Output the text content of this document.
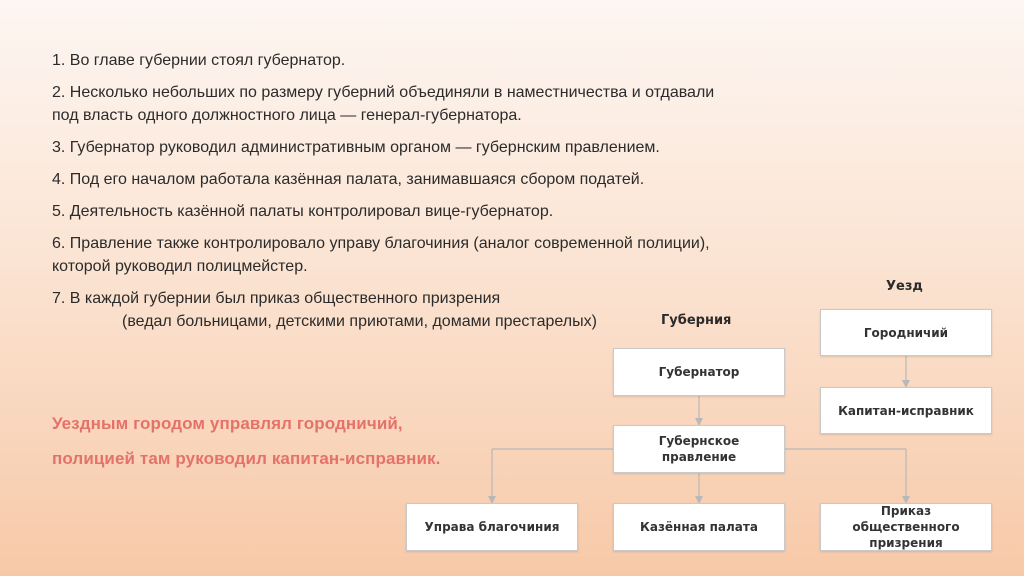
1. Во главе губернии стоял губернатор.

2. Несколько небольших по размеру губерний объединяли в наместничества и отдавали
под власть одного должностного лица — генерал-губернатора.

3. Губернатор руководил административным органом — губернским правлением.

4. Под его началом работала казённая палата, занимавшаяся сбором податей.

5. Деятельность казённой палаты контролировал вице-губернатор.

6. Правление также контролировало управу благочиния (аналог современной полиции),
которой руководил полицмейстер.

7. В каждой губернии был приказ общественного призрения
(ведал больницами, детскими приютами, домами престарелых)

Уездным городом управлял городничий,
полицией там руководил капитан-исправник.
Губерния
Уезд
Губернатор
Губернское правление
Управа благочиния	Казённая палата
Приказ общественного призрения
Городничий
Капитан-исправник
